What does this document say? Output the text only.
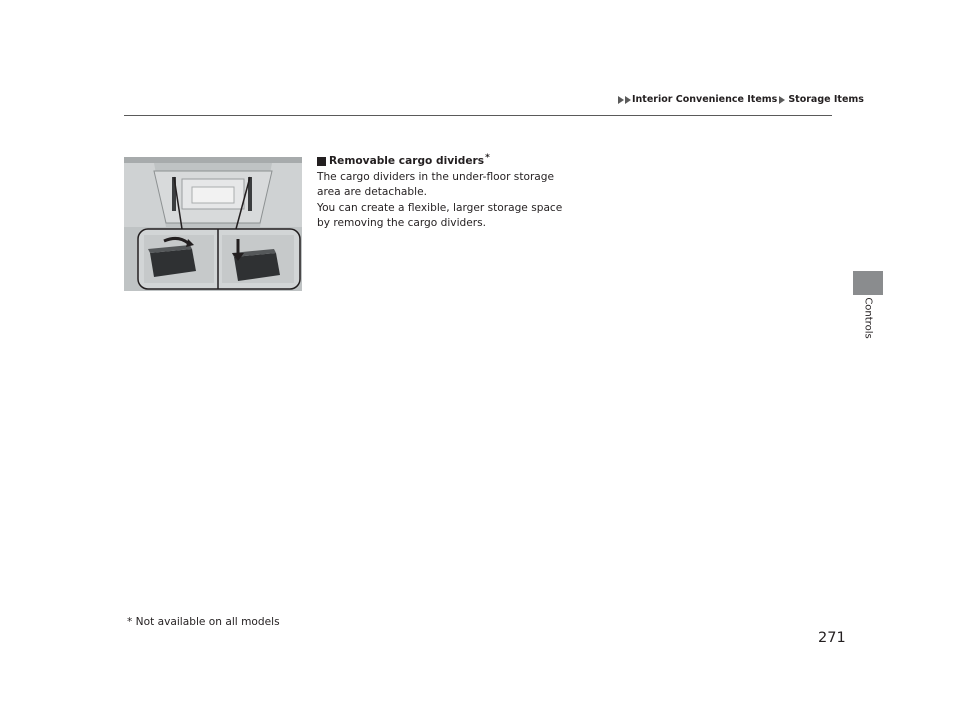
Interior Convenience Items Storage Items
Controls

Removable cargo dividers *

The cargo dividers in the under-floor storage

area are detachable.

You can create a flexible, larger storage space

by removing the cargo dividers.

* Not available on all models
271
